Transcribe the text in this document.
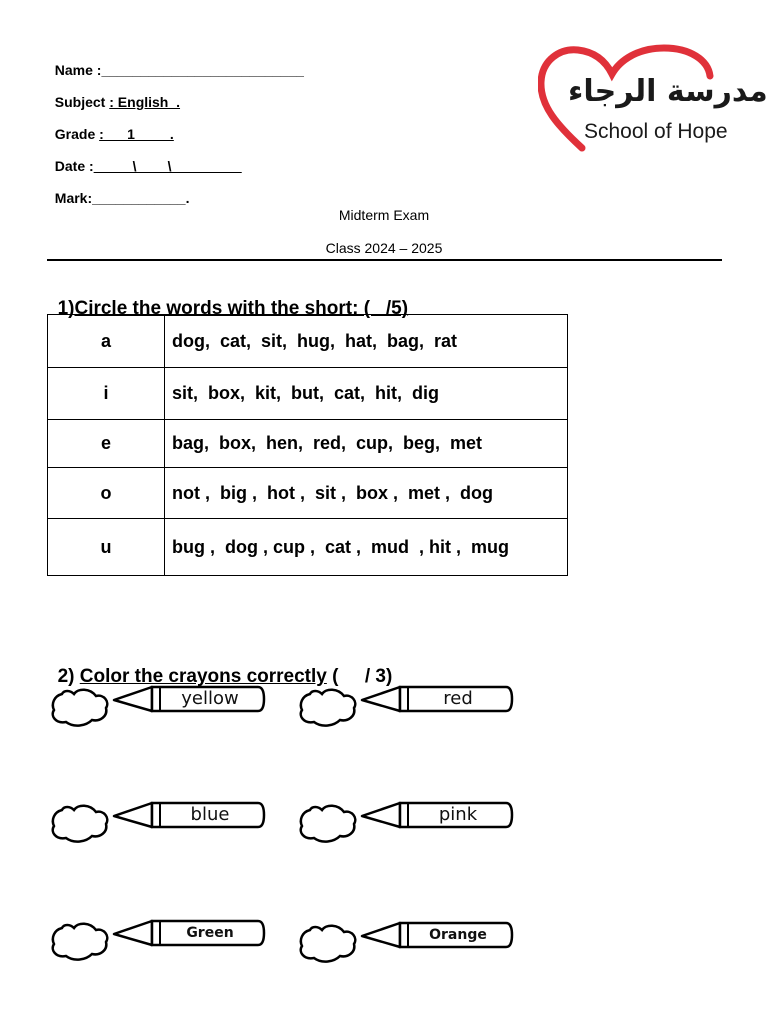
Name :__________________________

Subject : English  .

Grade :      1         .

Date :_____\____\_________

Mark:____________.

مدرسة الرجاء
School of Hope
Midterm Exam
Class 2024 – 2025

1)Circle the words with the short: (   /5)

a	dog,  cat,  sit,  hug,  hat,  bag,  rat
i	sit,  box,  kit,  but,  cat,  hit,  dig
e	bag,  box,  hen,  red,  cup,  beg,  met
o	not ,  big ,  hot ,  sit ,  box ,  met ,  dog
u	bug ,  dog , cup ,  cat ,  mud  , hit ,  mug

2) Color the crayons correctly (     / 3)

yellow	red
blue	pink
Green	Orange
